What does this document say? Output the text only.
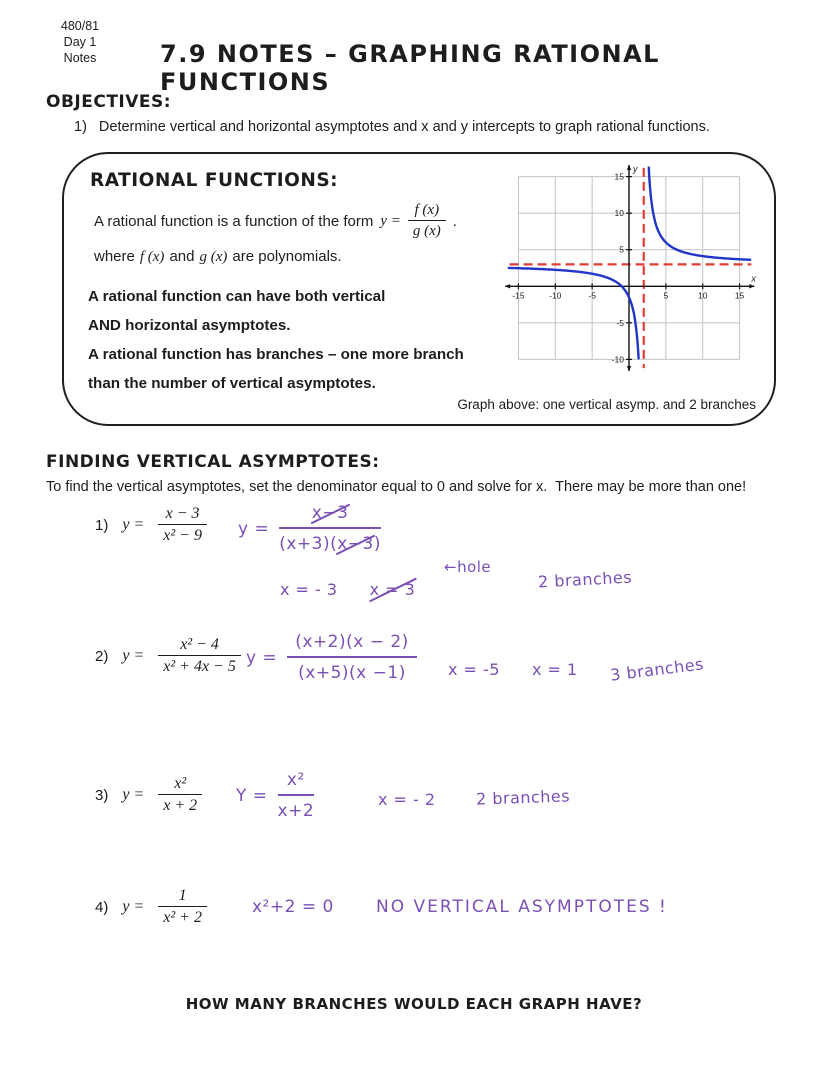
480/81
Day 1
Notes	7.9 NOTES – GRAPHING RATIONAL FUNCTIONS
OBJECTIVES:
1) Determine vertical and horizontal asymptotes and x and y intercepts to graph rational functions.
RATIONAL FUNCTIONS:
A rational function is a function of the form $y = \frac{f (x)}{g (x)}$ .
where f (x) and g (x) are polynomials.
A rational function can have both vertical
AND horizontal asymptotes.
A rational function has branches – one more branch
than the number of vertical asymptotes.
-15	-10	-5	5	10	15
15
10
5
-5
-10
x
y
Graph above: one vertical asymp. and 2 branches
FINDING VERTICAL ASYMPTOTES:
To find the vertical asymptotes, set the denominator equal to 0 and solve for x.  There may be more than one!
1) $y = \frac{x - 3}{\text{x² − 9}}$ $y = \frac{x-3}{(x+3)(x-3)}$
x = - 3 x = 3
←hole
2 branches
2) $y = \frac{\text{x² − 4}}{\text{x² + 4x − 5}}$ $y = \frac{(x+2)(x - 2)}{(x+5)(x -1)}$ x = -5 x = 1 3 branches
3) $y = \frac{\text{x²}}{x + 2}$ $Y = \frac{\text{x²}}{x+2}$	x = - 2	2 branches
4) $y = \frac{1}{\text{x² + 2}}$	x²+2 = 0 NO VERTICAL ASYMPTOTES !
HOW MANY BRANCHES WOULD EACH GRAPH HAVE?
